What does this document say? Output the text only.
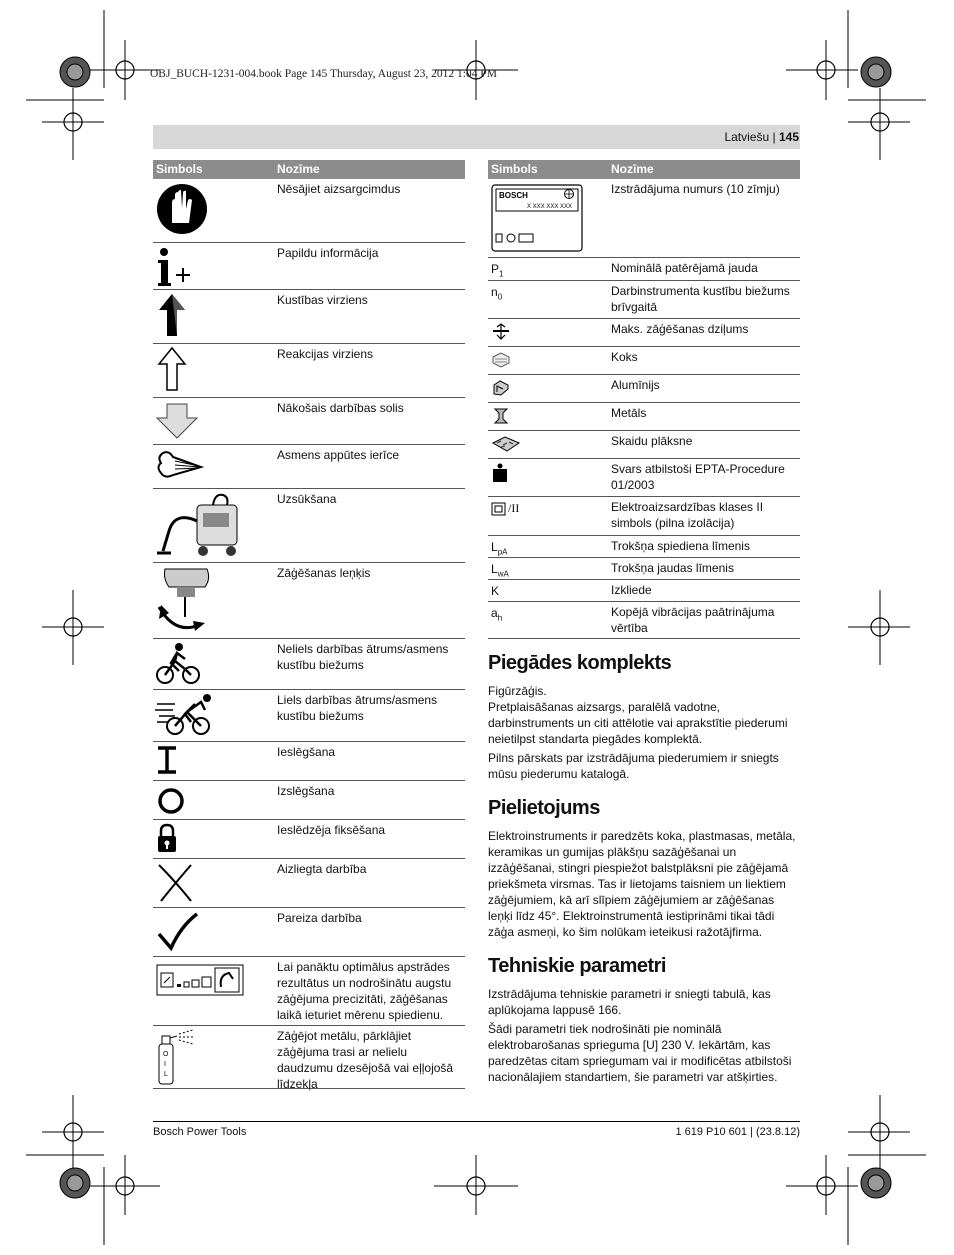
OBJ_BUCH-1231-004.book Page 145 Thursday, August 23, 2012 1:04 PM
Latviešu | 145
Simbols	Nozīme
Nēsājiet aizsargcimdus
Papildu informācija
Kustības virziens
Reakcijas virziens
Nākošais darbības solis
Asmens appūtes ierīce
Uzsūkšana
Zāģēšanas leņķis
Neliels darbības ātrums/asmens kustību biežums
Liels darbības ātrums/asmens kustību biežums
Ieslēgšana
Izslēgšana
Ieslēdzēja fiksēšana
Aizliegta darbība
Pareiza darbība
Lai panāktu optimālus apstrādes rezultātus un nodrošinātu augstu zāģējuma precizitāti, zāģēšanas laikā ieturiet mērenu spiedienu.
O
I
L
Zāģējot metālu, pārklājiet zāģējuma trasi ar nelielu daudzumu dzesējošā vai eļļojošā līdzekļa
Simbols	Nozīme
BOSCH
X XXX XXX XXX
Izstrādājuma numurs (10 zīmju)
$P_1$	Nominālā patērējamā jauda
$n_0$	Darbinstrumenta kustību biežums brīvgaitā
Maks. zāģēšanas dziļums
Koks
Alumīnijs
Metāls
Skaidu plāksne
Svars atbilstoši EPTA-Procedure 01/2003
/II	Elektroaizsardzības klases II simbols (pilna izolācija)
$L_{pA}$	Trokšņa spiediena līmenis
$L_{wA}$	Trokšņa jaudas līmenis
K	Izkliede
$a_h$	Kopējā vibrācijas paātrinājuma vērtība
Piegādes komplekts

Figūrzāģis.

Pretplaisāšanas aizsargs, paralēlā vadotne, darbinstruments un citi attēlotie vai aprakstītie piederumi neietilpst standarta piegādes komplektā.

Pilns pārskats par izstrādājuma piederumiem ir sniegts mūsu piederumu katalogā.

Pielietojums

Elektroinstruments ir paredzēts koka, plastmasas, metāla, keramikas un gumijas plākšņu sazāģēšanai un izzāģēšanai, stingri piespiežot balstplāksni pie zāģējamā priekšmeta virsmas. Tas ir lietojams taisniem un liektiem zāģējumiem, kā arī slīpiem zāģējumiem ar zāģēšanas leņķi līdz 45°. Elektroinstrumentā iestiprināmi tikai tādi zāģa asmeņi, ko šim nolūkam ieteikusi ražotājfirma.

Tehniskie parametri

Izstrādājuma tehniskie parametri ir sniegti tabulā, kas aplūkojama lappusē 166.

Šādi parametri tiek nodrošināti pie nominālā elektrobarošanas sprieguma [U] 230 V. Iekārtām, kas paredzētas citam spriegumam vai ir modificētas atbilstoši nacionālajiem standartiem, šie parametri var atšķirties.

Bosch Power Tools	1 619 P10 601 | (23.8.12)
